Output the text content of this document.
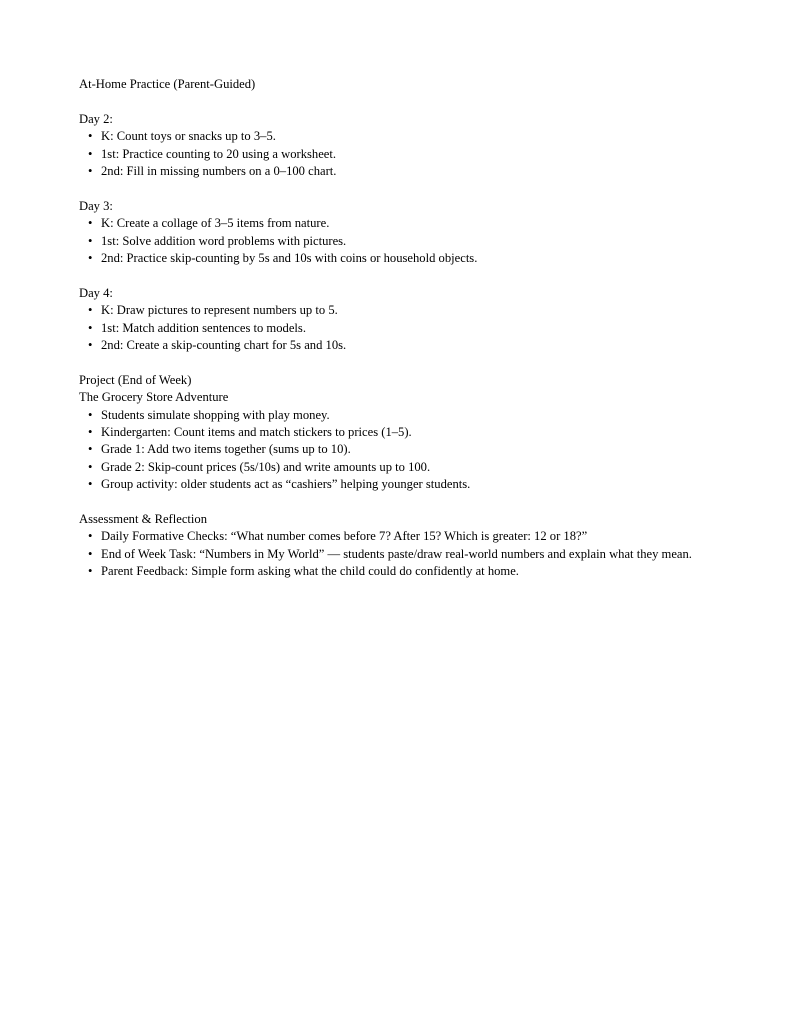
At-Home Practice (Parent-Guided)

Day 2:

• K: Count toys or snacks up to 3–5.
• 1st: Practice counting to 20 using a worksheet.
• 2nd: Fill in missing numbers on a 0–100 chart.

Day 3:

• K: Create a collage of 3–5 items from nature.
• 1st: Solve addition word problems with pictures.
• 2nd: Practice skip-counting by 5s and 10s with coins or household objects.

Day 4:

• K: Draw pictures to represent numbers up to 5.
• 1st: Match addition sentences to models.
• 2nd: Create a skip-counting chart for 5s and 10s.

Project (End of Week)

The Grocery Store Adventure

• Students simulate shopping with play money.
• Kindergarten: Count items and match stickers to prices (1–5).
• Grade 1: Add two items together (sums up to 10).
• Grade 2: Skip-count prices (5s/10s) and write amounts up to 100.
• Group activity: older students act as “cashiers” helping younger students.

Assessment & Reflection

• Daily Formative Checks: “What number comes before 7? After 15? Which is greater: 12 or 18?”
• End of Week Task: “Numbers in My World” — students paste/draw real-world numbers and explain what they mean.
• Parent Feedback: Simple form asking what the child could do confidently at home.
